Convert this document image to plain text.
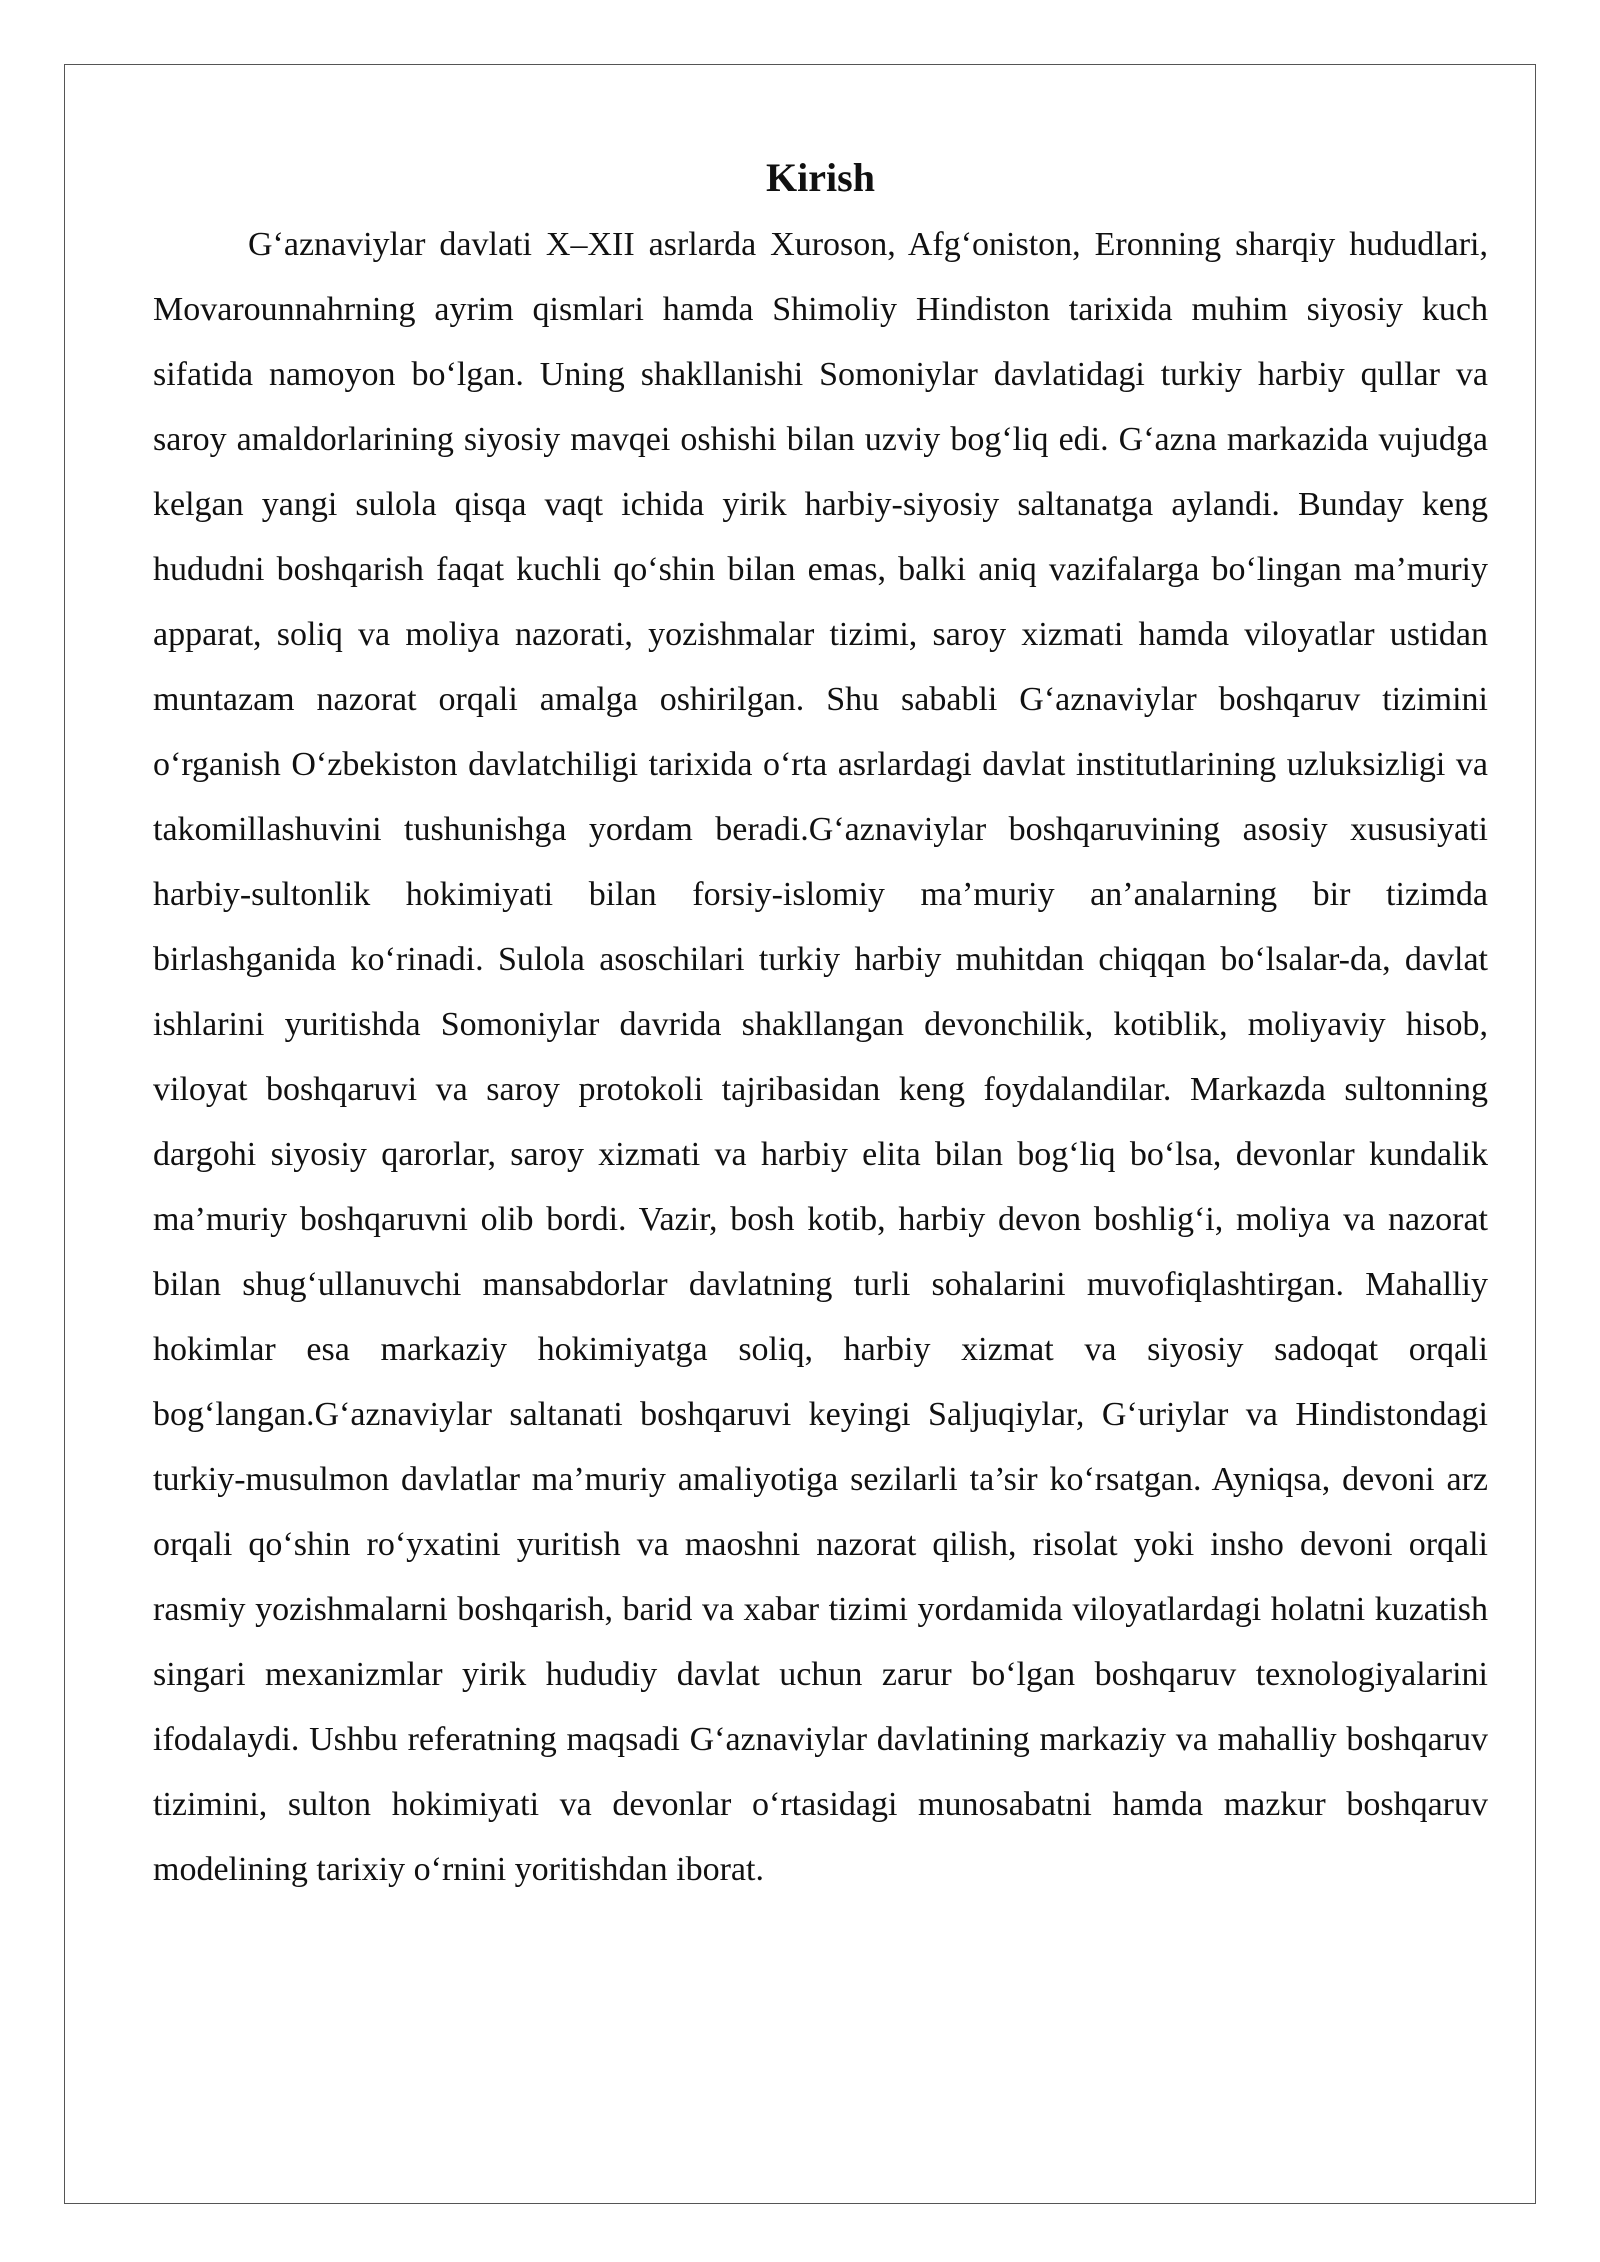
Kirish

G‘aznaviylar davlati X–XII asrlarda Xuroson, Afg‘oniston, Eronning sharqiy hududlari, Movarounnahrning ayrim qismlari hamda Shimoliy Hindiston tarixida muhim siyosiy kuch sifatida namoyon bo‘lgan. Uning shakllanishi Somoniylar davlatidagi turkiy harbiy qullar va saroy amaldorlarining siyosiy mavqei oshishi bilan uzviy bog‘liq edi. G‘azna markazida vujudga kelgan yangi sulola qisqa vaqt ichida yirik harbiy-siyosiy saltanatga aylandi. Bunday keng hududni boshqarish faqat kuchli qo‘shin bilan emas, balki aniq vazifalarga bo‘lingan ma’muriy apparat, soliq va moliya nazorati, yozishmalar tizimi, saroy xizmati hamda viloyatlar ustidan muntazam nazorat orqali amalga oshirilgan. Shu sababli G‘aznaviylar boshqaruv tizimini o‘rganish O‘zbekiston davlatchiligi tarixida o‘rta asrlardagi davlat institutlarining uzluksizligi va takomillashuvini tushunishga yordam beradi.G‘aznaviylar boshqaruvining asosiy xususiyati harbiy-sultonlik hokimiyati bilan forsiy-islomiy ma’muriy an’analarning bir tizimda birlashganida ko‘rinadi. Sulola asoschilari turkiy harbiy muhitdan chiqqan bo‘lsalar-da, davlat ishlarini yuritishda Somoniylar davrida shakllangan devonchilik, kotiblik, moliyaviy hisob, viloyat boshqaruvi va saroy protokoli tajribasidan keng foydalandilar. Markazda sultonning dargohi siyosiy qarorlar, saroy xizmati va harbiy elita bilan bog‘liq bo‘lsa, devonlar kundalik ma’muriy boshqaruvni olib bordi. Vazir, bosh kotib, harbiy devon boshlig‘i, moliya va nazorat bilan shug‘ullanuvchi mansabdorlar davlatning turli sohalarini muvofiqlashtirgan. Mahalliy hokimlar esa markaziy hokimiyatga soliq, harbiy xizmat va siyosiy sadoqat orqali bog‘langan.G‘aznaviylar saltanati boshqaruvi keyingi Saljuqiylar, G‘uriylar va Hindistondagi turkiy-musulmon davlatlar ma’muriy amaliyotiga sezilarli ta’sir ko‘rsatgan. Ayniqsa, devoni arz orqali qo‘shin ro‘yxatini yuritish va maoshni nazorat qilish, risolat yoki insho devoni orqali rasmiy yozishmalarni boshqarish, barid va xabar tizimi yordamida viloyatlardagi holatni kuzatish singari mexanizmlar yirik hududiy davlat uchun zarur bo‘lgan boshqaruv texnologiyalarini ifodalaydi. Ushbu referatning maqsadi G‘aznaviylar davlatining markaziy va mahalliy boshqaruv tizimini, sulton hokimiyati va devonlar o‘rtasidagi munosabatni hamda mazkur boshqaruv modelining tarixiy o‘rnini yoritishdan iborat.
